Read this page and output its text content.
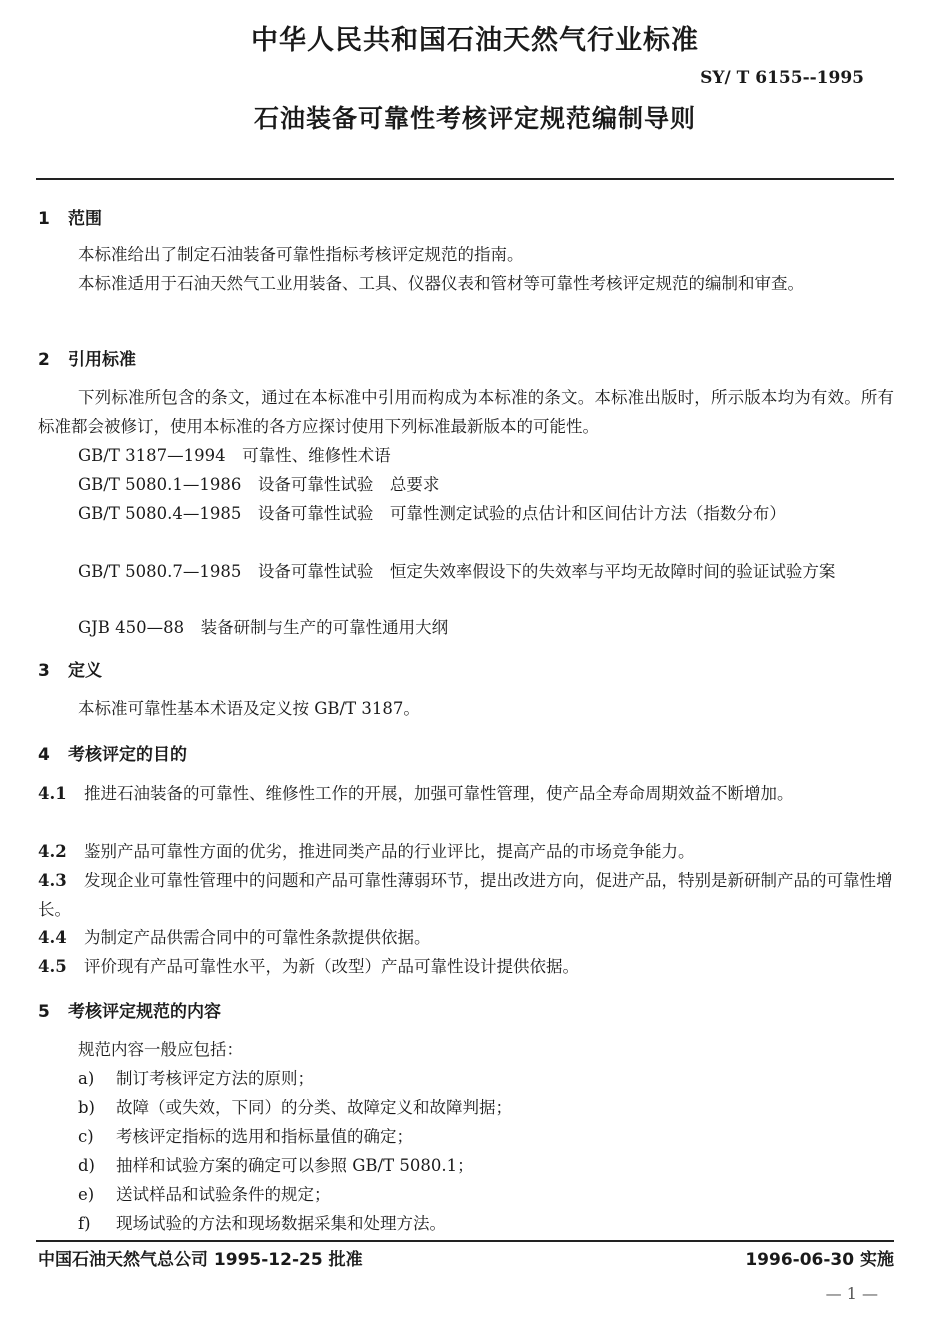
中华人民共和国石油天然气行业标准
SY/ T 6155--1995
石油装备可靠性考核评定规范编制导则
1 范围
本标准给出了制定石油装备可靠性指标考核评定规范的指南。
本标准适用于石油天然气工业用装备、工具、仪器仪表和管材等可靠性考核评定规范的编制和审查。
2 引用标准
下列标准所包含的条文，通过在本标准中引用而构成为本标准的条文。本标准出版时，所示版本均为有效。所有标准都会被修订，使用本标准的各方应探讨使用下列标准最新版本的可能性。
GB/T 3187—1994　可靠性、维修性术语
GB/T 5080.1—1986　设备可靠性试验　总要求
GB/T 5080.4—1985　设备可靠性试验　可靠性测定试验的点估计和区间估计方法（指数分布）
GB/T 5080.7—1985　设备可靠性试验　恒定失效率假设下的失效率与平均无故障时间的验证试验方案
GJB 450—88　装备研制与生产的可靠性通用大纲
3 定义
本标准可靠性基本术语及定义按 GB/T 3187。
4 考核评定的目的
4.1 推进石油装备的可靠性、维修性工作的开展，加强可靠性管理，使产品全寿命周期效益不断增加。
4.2 鉴别产品可靠性方面的优劣，推进同类产品的行业评比，提高产品的市场竞争能力。
4.3 发现企业可靠性管理中的问题和产品可靠性薄弱环节，提出改进方向，促进产品，特别是新研制产品的可靠性增长。
4.4 为制定产品供需合同中的可靠性条款提供依据。
4.5 评价现有产品可靠性水平，为新（改型）产品可靠性设计提供依据。
5 考核评定规范的内容
规范内容一般应包括：
a) 制订考核评定方法的原则；
b) 故障（或失效，下同）的分类、故障定义和故障判据；
c) 考核评定指标的选用和指标量值的确定；
d) 抽样和试验方案的确定可以参照 GB/T 5080.1；
e) 送试样品和试验条件的规定；
f) 现场试验的方法和现场数据采集和处理方法。
中国石油天然气总公司 1995-12-25 批准	1996-06-30 实施
— 1 —
